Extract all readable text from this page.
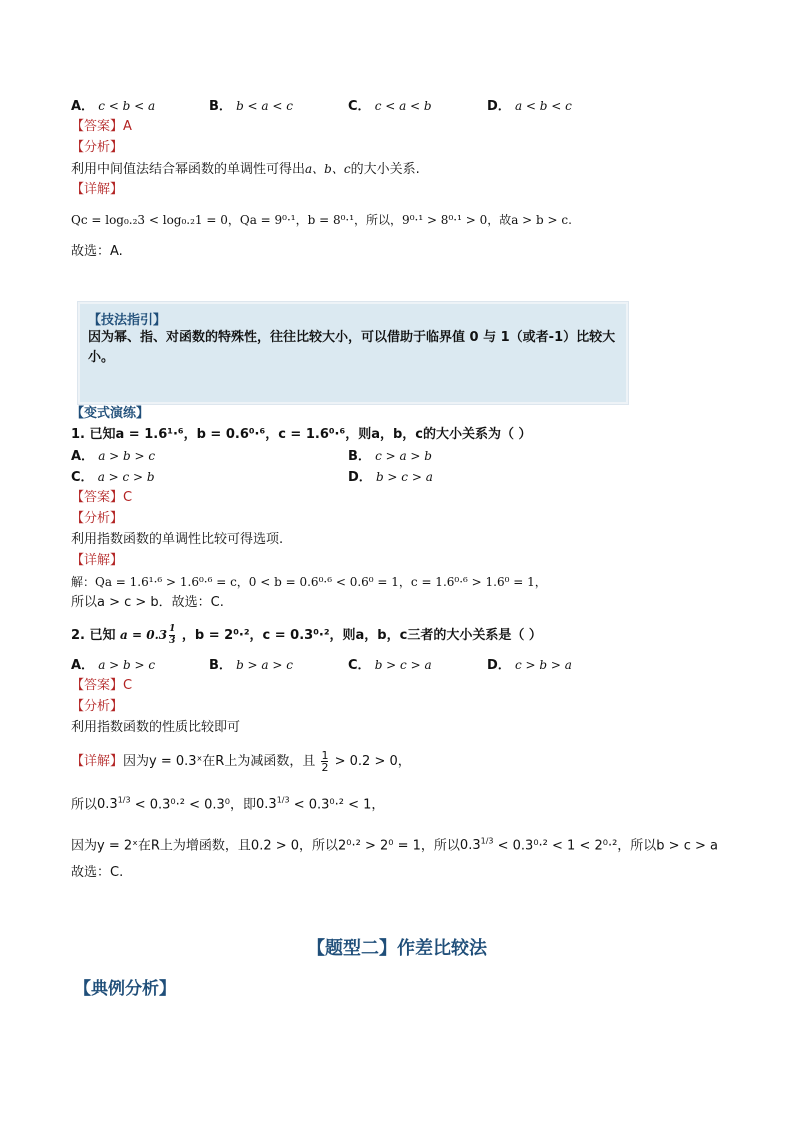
A． c < b < a	B． b < a < c	C． c < a < b	D． a < b < c
【答案】A
【分析】
利用中间值法结合幂函数的单调性可得出a、b、c的大小关系.
【详解】
Qc = log₀.₂3 < log₀.₂1 = 0，Qa = 9⁰·¹，b = 8⁰·¹，所以，9⁰·¹ > 8⁰·¹ > 0，故a > b > c.
故选：A.
【技法指引】
因为幂、指、对函数的特殊性，往往比较大小，可以借助于临界值 0 与 1（或者-1）比较大小。
【变式演练】
1. 已知a = 1.6¹·⁶，b = 0.6⁰·⁶，c = 1.6⁰·⁶，则a，b，c的大小关系为（ ）
A． a > b > c	B． c > a > b
C． a > c > b	D． b > c > a
【答案】C
【分析】
利用指数函数的单调性比较可得选项.
【详解】
解：Qa = 1.6¹·⁶ > 1.6⁰·⁶ = c，0 < b = 0.6⁰·⁶ < 0.6⁰ = 1，c = 1.6⁰·⁶ > 1.6⁰ = 1，
所以a > c > b．故选：C.
2. 已知 $a = 0.3 \frac{1}{3}$ ，b = 2⁰·²，c = 0.3⁰·²，则a，b，c三者的大小关系是（ ）
A． a > b > c	B． b > a > c	C． b > c > a	D． c > b > a
【答案】C
【分析】
利用指数函数的性质比较即可
【详解】因为y = 0.3ˣ在R上为减函数，且 $\frac{1}{2} > 0.2 > 0$，
所以$0.3^{1/3} < 0.3^0\cdot^2 < 0.3^0$，即$0.3^{1/3} < 0.3^0\cdot^2 < 1$，
因为y = 2ˣ在R上为增函数，且0.2 > 0，所以2⁰·² > 2⁰ = 1，所以$0.3^{1/3} < 0.3^0\cdot^2 < 1 < 2^0\cdot^2$，所以b > c > a
故选：C.
【题型二】作差比较法
【典例分析】
